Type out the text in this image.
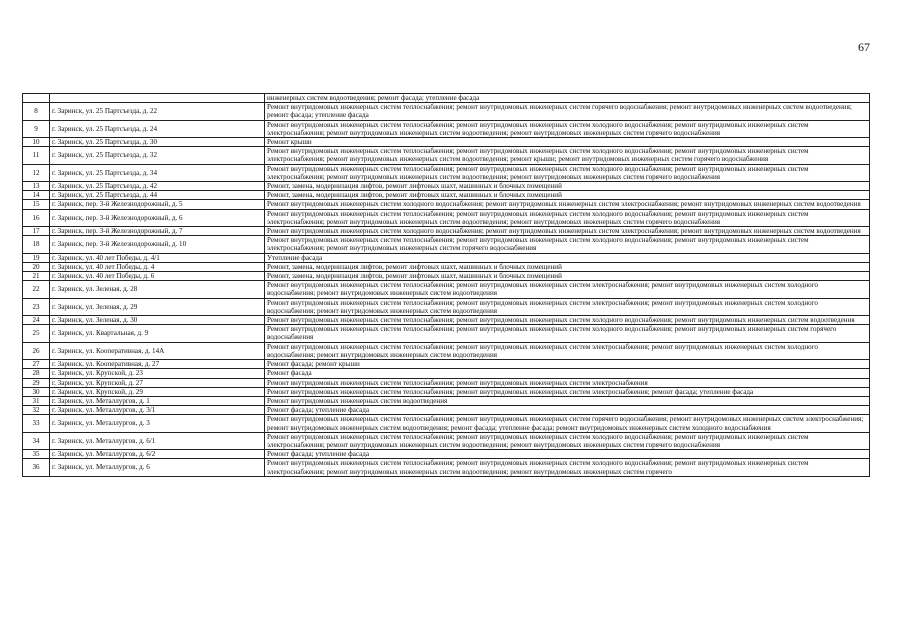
67
		инженерных систем водоотведения; ремонт фасада; утепление фасада
8	г. Заринск, ул. 25 Партсъезда, д. 22	Ремонт внутридомовых инженерных систем теплоснабжения; ремонт внутридомовых инженерных систем горячего водоснабжения; ремонт внутридомовых инженерных систем водоотведения; ремонт фасада; утепление фасада
9	г. Заринск, ул. 25 Партсъезда, д. 24	Ремонт внутридомовых инженерных систем теплоснабжения; ремонт внутридомовых инженерных систем холодного водоснабжения; ремонт внутридомовых инженерных систем электроснабжения; ремонт внутридомовых инженерных систем водоотведения; ремонт внутридомовых инженерных систем горячего водоснабжения
10	г. Заринск, ул. 25 Партсъезда, д. 30	Ремонт крыши
11	г. Заринск, ул. 25 Партсъезда, д. 32	Ремонт внутридомовых инженерных систем теплоснабжения; ремонт внутридомовых инженерных систем холодного водоснабжения; ремонт внутридомовых инженерных систем электроснабжения; ремонт внутридомовых инженерных систем водоотведения; ремонт крыши; ремонт внутридомовых инженерных систем горячего водоснабжения
12	г. Заринск, ул. 25 Партсъезда, д. 34	Ремонт внутридомовых инженерных систем теплоснабжения; ремонт внутридомовых инженерных систем холодного водоснабжения; ремонт внутридомовых инженерных систем электроснабжения; ремонт внутридомовых инженерных систем водоотведения; ремонт внутридомовых инженерных систем горячего водоснабжения
13	г. Заринск, ул. 25 Партсъезда, д. 42	Ремонт, замена, модернизация лифтов, ремонт лифтовых шахт, машинных и блочных помещений
14	г. Заринск, ул. 25 Партсъезда, д. 44	Ремонт, замена, модернизация лифтов, ремонт лифтовых шахт, машинных и блочных помещений
15	г. Заринск, пер. 3-й Железнодорожный, д. 5	Ремонт внутридомовых инженерных систем холодного водоснабжения; ремонт внутридомовых инженерных систем электроснабжения; ремонт внутридомовых инженерных систем водоотведения
16	г. Заринск, пер. 3-й Железнодорожный, д. 6	Ремонт внутридомовых инженерных систем теплоснабжения; ремонт внутридомовых инженерных систем холодного водоснабжения; ремонт внутридомовых инженерных систем электроснабжения; ремонт внутридомовых инженерных систем водоотведения; ремонт внутридомовых инженерных систем горячего водоснабжения
17	г. Заринск, пер. 3-й Железнодорожный, д. 7	Ремонт внутридомовых инженерных систем холодного водоснабжения; ремонт внутридомовых инженерных систем электроснабжения; ремонт внутридомовых инженерных систем водоотведения
18	г. Заринск, пер. 3-й Железнодорожный, д. 10	Ремонт внутридомовых инженерных систем теплоснабжения; ремонт внутридомовых инженерных систем холодного водоснабжения; ремонт внутридомовых инженерных систем электроснабжения; ремонт внутридомовых инженерных систем горячего водоснабжения
19	г. Заринск, ул. 40 лет Победы, д. 4/1	Утепление фасада
20	г. Заринск, ул. 40 лет Победы, д. 4	Ремонт, замена, модернизация лифтов, ремонт лифтовых шахт, машинных и блочных помещений
21	г. Заринск, ул. 40 лет Победы, д. 6	Ремонт, замена, модернизация лифтов, ремонт лифтовых шахт, машинных и блочных помещений
22	г. Заринск, ул. Зеленая, д. 28	Ремонт внутридомовых инженерных систем теплоснабжения; ремонт внутридомовых инженерных систем электроснабжения; ремонт внутридомовых инженерных систем холодного водоснабжения; ремонт внутридомовых инженерных систем водоотведения
23	г. Заринск, ул. Зеленая, д. 29	Ремонт внутридомовых инженерных систем теплоснабжения; ремонт внутридомовых инженерных систем электроснабжения; ремонт внутридомовых инженерных систем холодного водоснабжения; ремонт внутридомовых инженерных систем водоотведения
24	г. Заринск, ул. Зеленая, д. 30	Ремонт внутридомовых инженерных систем теплоснабжения; ремонт внутридомовых инженерных систем холодного водоснабжения; ремонт внутридомовых инженерных систем водоотведения
25	г. Заринск, ул. Квартальная, д. 9	Ремонт внутридомовых инженерных систем теплоснабжения; ремонт внутридомовых инженерных систем холодного водоснабжения; ремонт внутридомовых инженерных систем горячего водоснабжения
26	г. Заринск, ул. Кооперативная, д. 14А	Ремонт внутридомовых инженерных систем теплоснабжения; ремонт внутридомовых инженерных систем электроснабжения; ремонт внутридомовых инженерных систем холодного водоснабжения; ремонт внутридомовых инженерных систем водоотведения
27	г. Заринск, ул. Кооперативная, д. 27	Ремонт фасада; ремонт крыши
28	г. Заринск, ул. Крупской, д. 23	Ремонт фасада
29	г. Заринск, ул. Крупской, д. 27	Ремонт внутридомовых инженерных систем теплоснабжения; ремонт внутридомовых инженерных систем электроснабжения
30	г. Заринск, ул. Крупской, д. 29	Ремонт внутридомовых инженерных систем теплоснабжения; ремонт внутридомовых инженерных систем электроснабжения; ремонт фасада; утепление фасада
31	г. Заринск, ул. Металлургов, д. 1	Ремонт внутридомовых инженерных систем водоотведения
32	г. Заринск, ул. Металлургов, д. 3/1	Ремонт фасада; утепление фасада
33	г. Заринск, ул. Металлургов, д. 3	Ремонт внутридомовых инженерных систем теплоснабжения; ремонт внутридомовых инженерных систем горячего водоснабжения; ремонт внутридомовых инженерных систем электроснабжения; ремонт внутридомовых инженерных систем водоотведения; ремонт фасада; утепление фасада; ремонт внутридомовых инженерных систем холодного водоснабжения
34	г. Заринск, ул. Металлургов, д. 6/1	Ремонт внутридомовых инженерных систем теплоснабжения; ремонт внутридомовых инженерных систем холодного водоснабжения; ремонт внутридомовых инженерных систем электроснабжения; ремонт внутридомовых инженерных систем водоотведения; ремонт внутридомовых инженерных систем горячего водоснабжения
35	г. Заринск, ул. Металлургов, д. 6/2	Ремонт фасада; утепление фасада
36	г. Заринск, ул. Металлургов, д. 6	Ремонт внутридомовых инженерных систем теплоснабжения; ремонт внутридомовых инженерных систем холодного водоснабжения; ремонт внутридомовых инженерных систем электроснабжения; ремонт внутридомовых инженерных систем водоотведения; ремонт внутридомовых инженерных систем горячего
